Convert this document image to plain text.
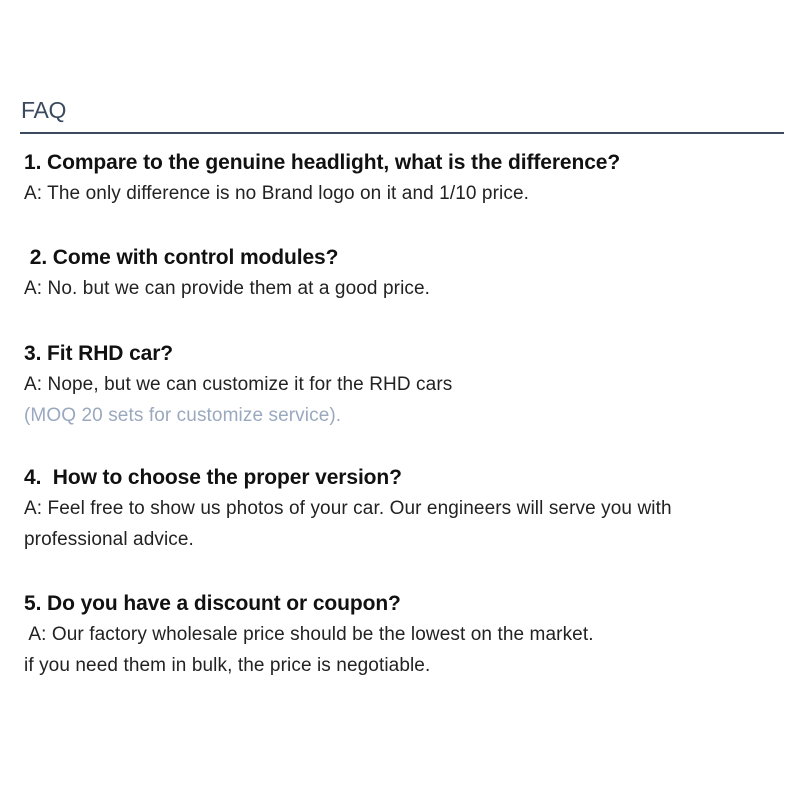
FAQ
1. Compare to the genuine headlight, what is the difference?
A: The only difference is no Brand logo on it and 1/10 price.
2. Come with control modules?
A: No. but we can provide them at a good price.
3. Fit RHD car?
A: Nope, but we can customize it for the RHD cars
(MOQ 20 sets for customize service).
4.  How to choose the proper version?
A: Feel free to show us photos of your car. Our engineers will serve you with
professional advice.
5. Do you have a discount or coupon?
A: Our factory wholesale price should be the lowest on the market.
if you need them in bulk, the price is negotiable.
